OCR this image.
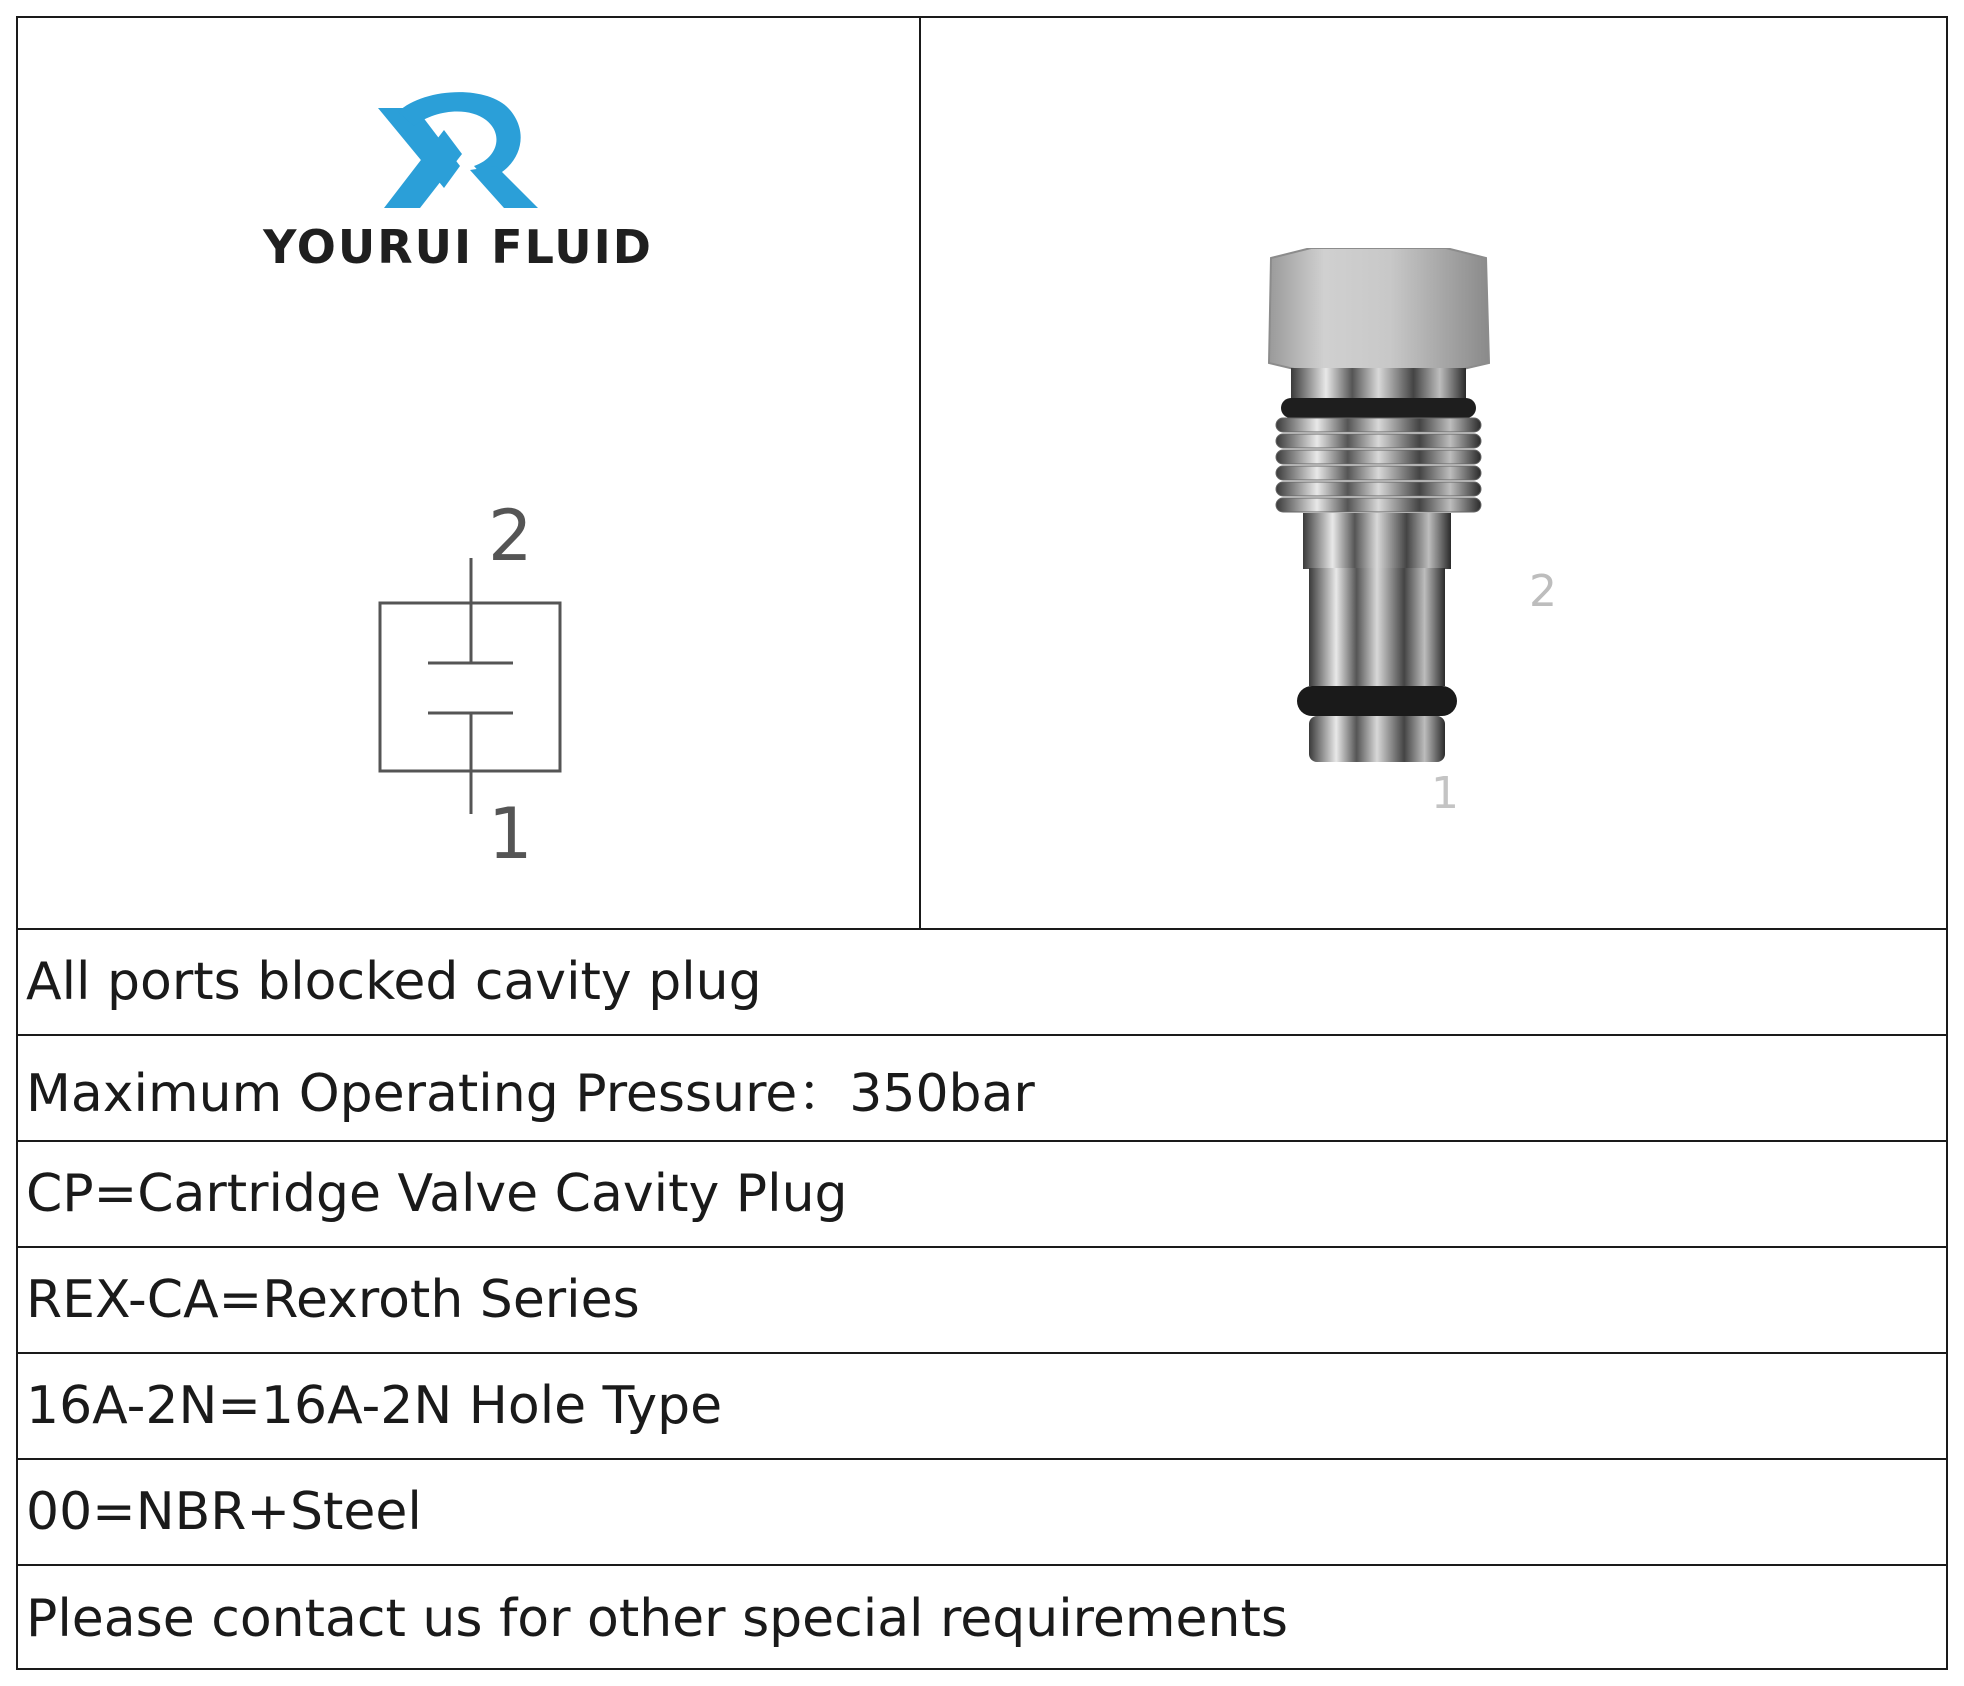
YOURUI FLUID
2
1
2
1
All ports blocked cavity plug
Maximum Operating Pressure：350bar
CP=Cartridge Valve Cavity Plug
REX-CA=Rexroth Series
16A-2N=16A-2N Hole Type
00=NBR+Steel
Please contact us for other special requirements
